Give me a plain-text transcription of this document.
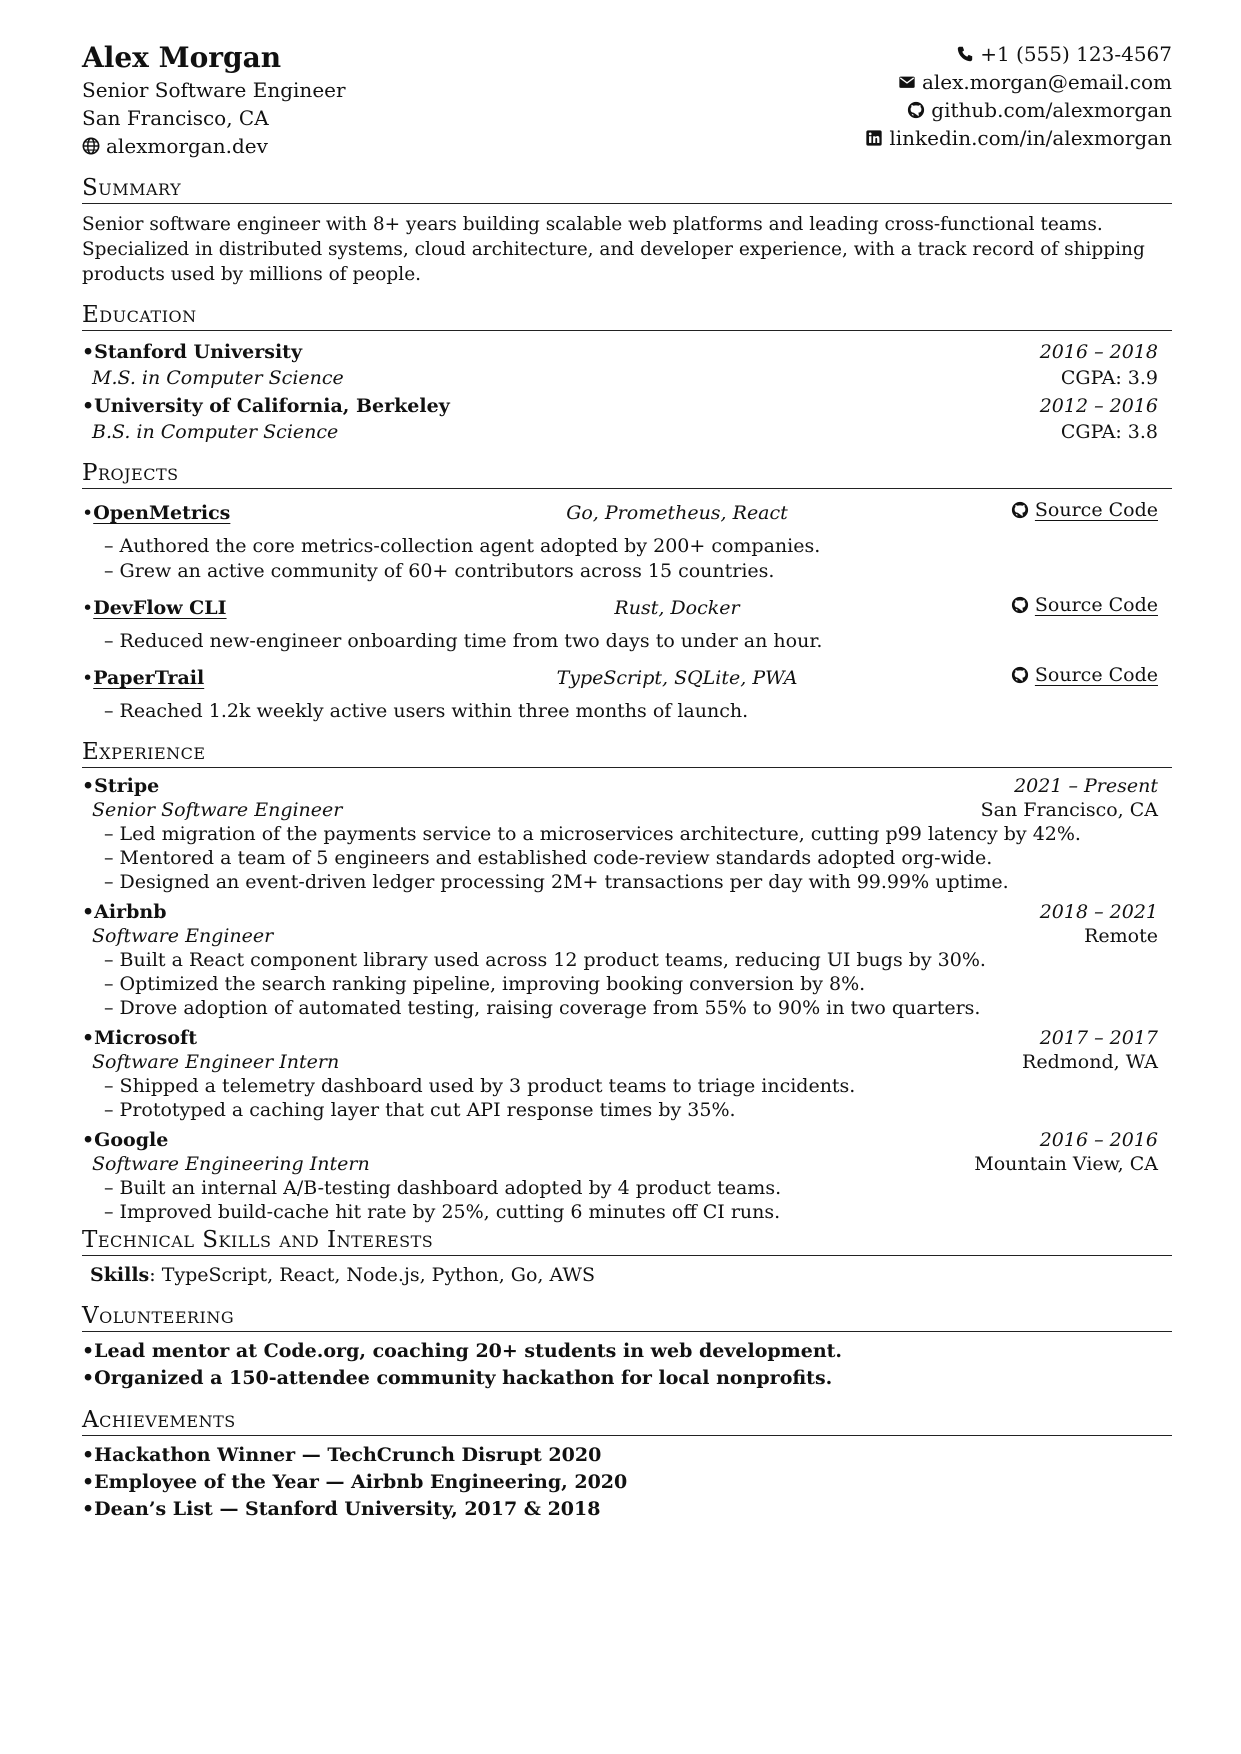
Alex Morgan
Senior Software Engineer
San Francisco, CA
alexmorgan.dev
+1 (555) 123-4567
alex.morgan@email.com
github.com/alexmorgan
linkedin.com/in/alexmorgan
Summary
Senior software engineer with 8+ years building scalable web platforms and leading cross-functional teams. Specialized in distributed systems, cloud architecture, and developer experience, with a track record of shipping products used by millions of people.
Education
•Stanford University	2016 – 2018
M.S. in Computer Science	CGPA: 3.9
•University of California, Berkeley	2012 – 2016
B.S. in Computer Science	CGPA: 3.8
Projects
• OpenMetrics	Go, Prometheus, React	Source Code
– Authored the core metrics-collection agent adopted by 200+ companies.
– Grew an active community of 60+ contributors across 15 countries.
• DevFlow CLI	Rust, Docker	Source Code
– Reduced new-engineer onboarding time from two days to under an hour.
• PaperTrail	TypeScript, SQLite, PWA	Source Code
– Reached 1.2k weekly active users within three months of launch.
Experience
•Stripe	2021 – Present
Senior Software Engineer	San Francisco, CA
– Led migration of the payments service to a microservices architecture, cutting p99 latency by 42%.
– Mentored a team of 5 engineers and established code-review standards adopted org-wide.
– Designed an event-driven ledger processing 2M+ transactions per day with 99.99% uptime.
•Airbnb	2018 – 2021
Software Engineer	Remote
– Built a React component library used across 12 product teams, reducing UI bugs by 30%.
– Optimized the search ranking pipeline, improving booking conversion by 8%.
– Drove adoption of automated testing, raising coverage from 55% to 90% in two quarters.
•Microsoft	2017 – 2017
Software Engineer Intern	Redmond, WA
– Shipped a telemetry dashboard used by 3 product teams to triage incidents.
– Prototyped a caching layer that cut API response times by 35%.
•Google	2016 – 2016
Software Engineering Intern	Mountain View, CA
– Built an internal A/B-testing dashboard adopted by 4 product teams.
– Improved build-cache hit rate by 25%, cutting 6 minutes off CI runs.
Technical Skills and Interests
Skills: TypeScript, React, Node.js, Python, Go, AWS
Volunteering
• Lead mentor at Code.org, coaching 20+ students in web development.
• Organized a 150-attendee community hackathon for local nonprofits.
Achievements
• Hackathon Winner — TechCrunch Disrupt 2020
• Employee of the Year — Airbnb Engineering, 2020
• Dean’s List — Stanford University, 2017 & 2018
